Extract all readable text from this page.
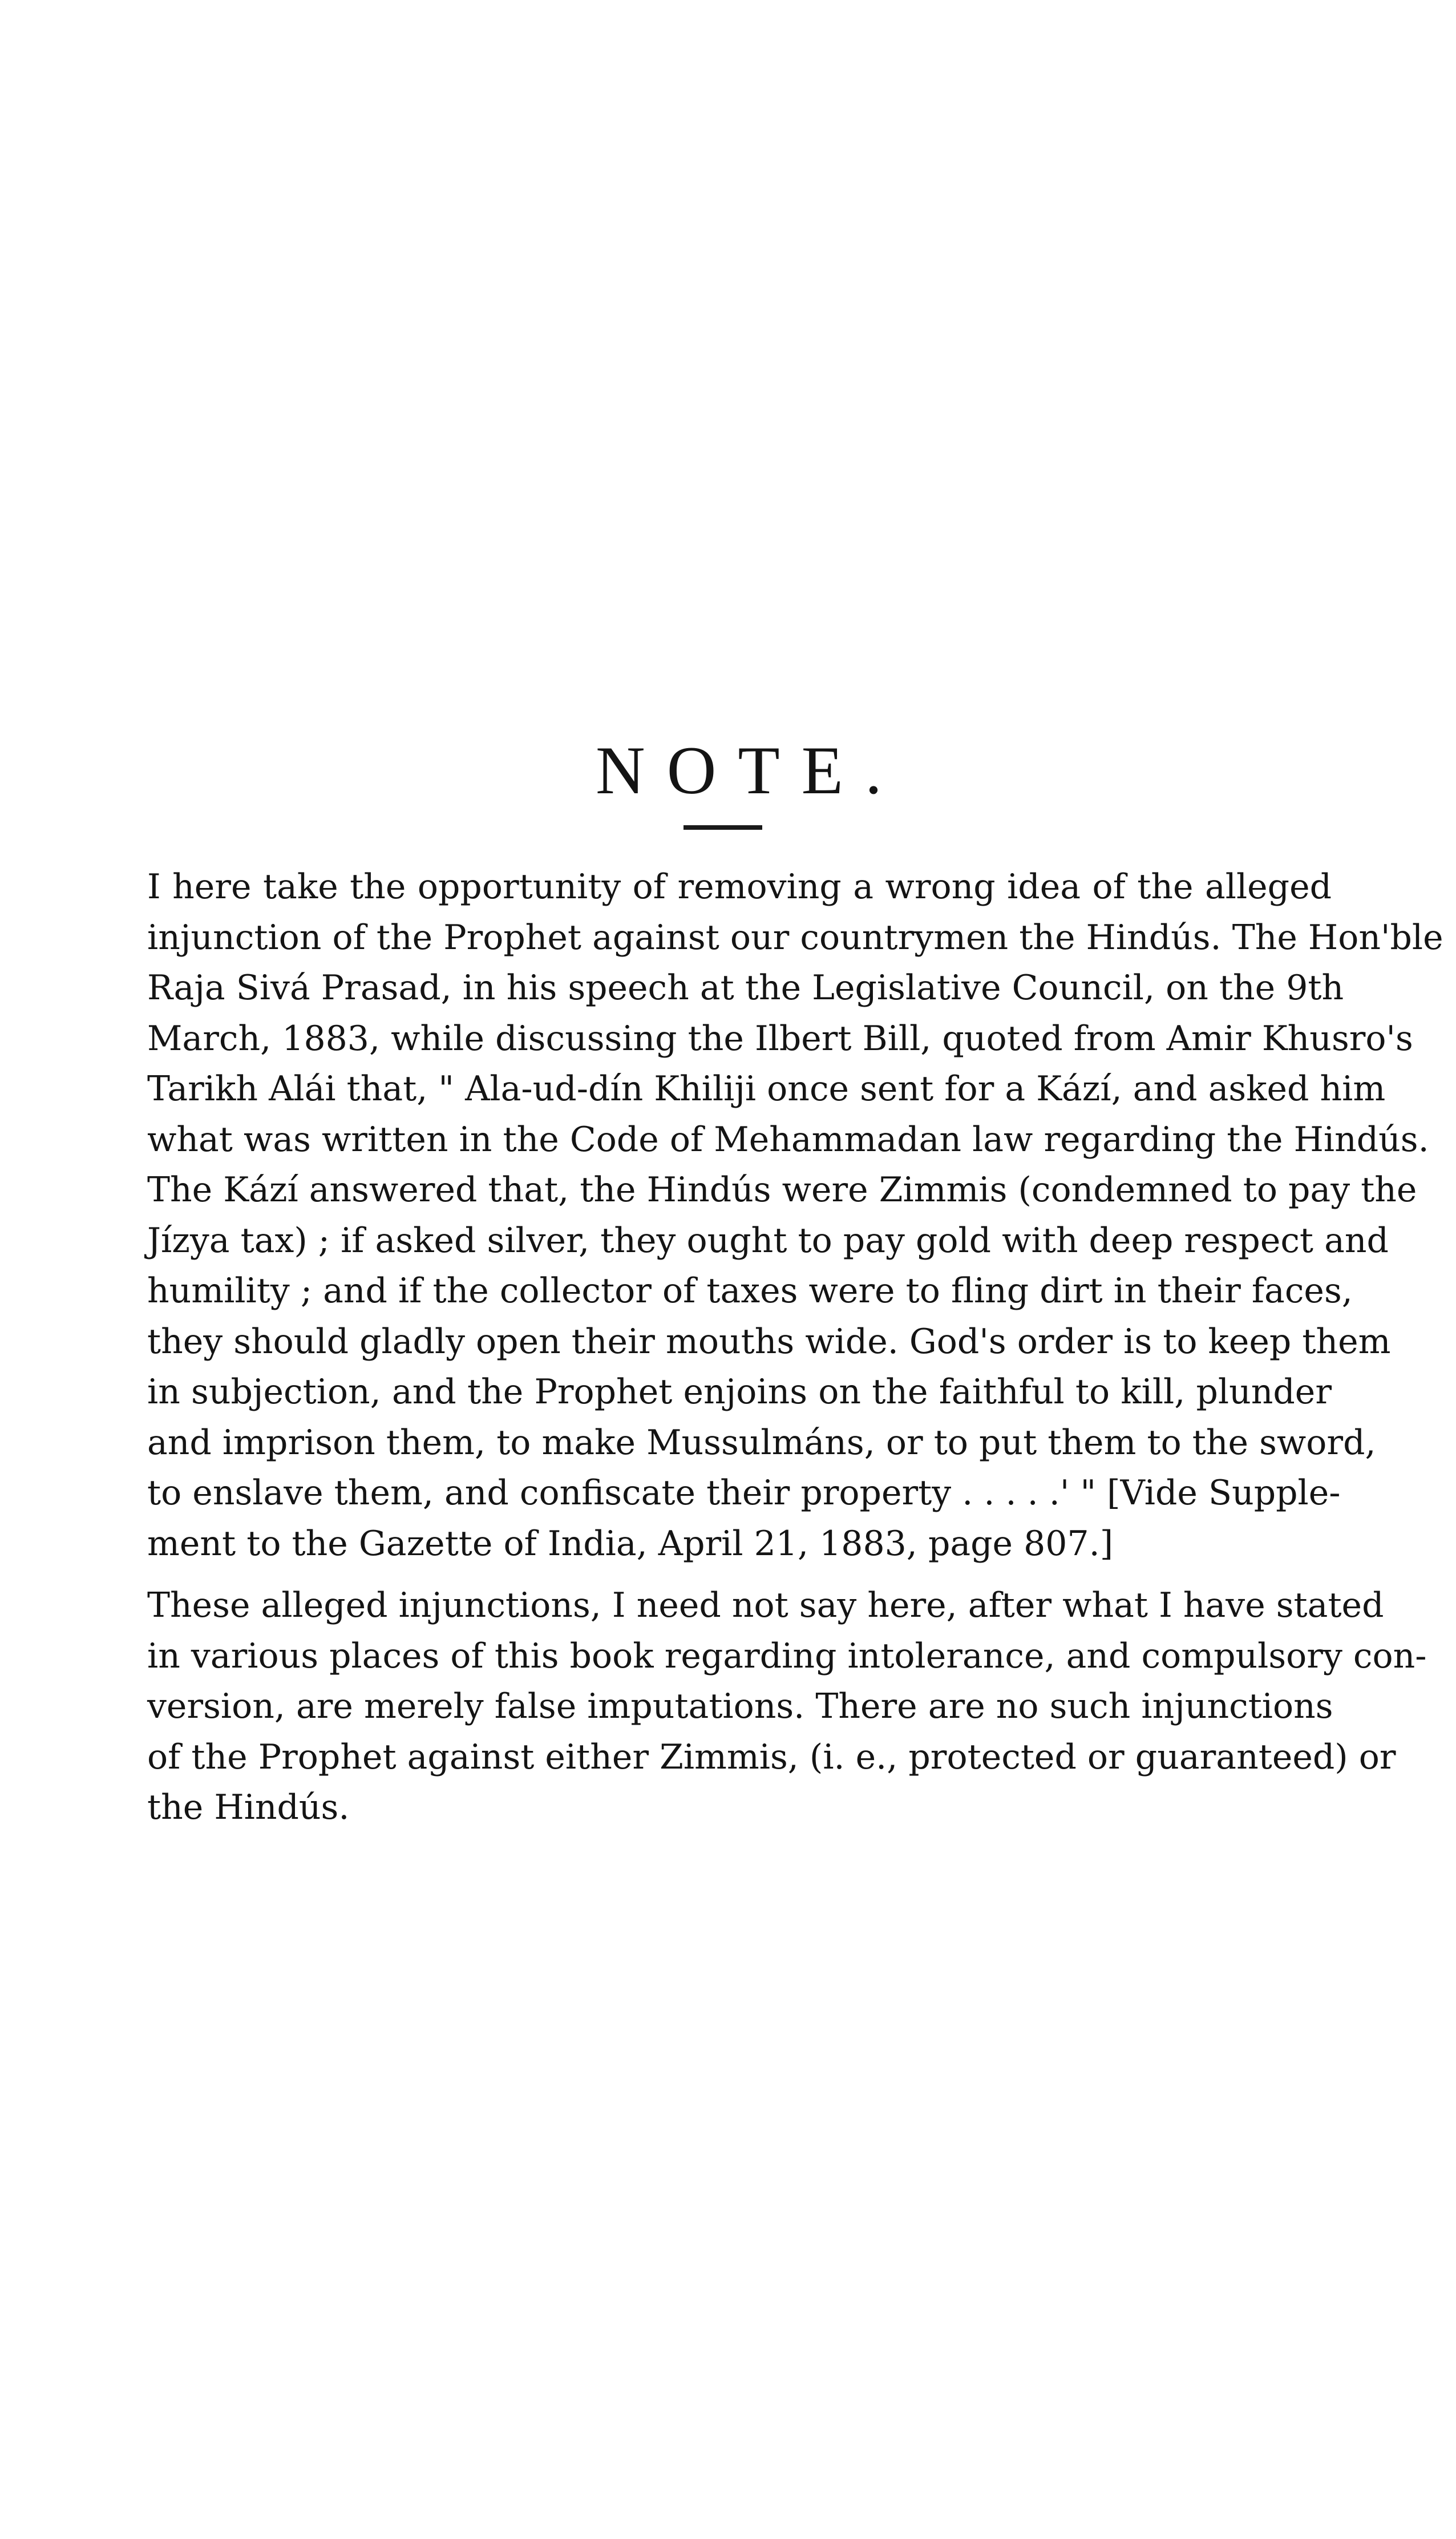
NOTE.
I here take the opportunity of removing a wrong idea of the alleged
injunction of the Prophet against our countrymen the Hindús. The Hon'ble
Raja Sivá Prasad, in his speech at the Legislative Council, on the 9th
March, 1883, while discussing the Ilbert Bill, quoted from Amir Khusro's
Tarikh Alái that, " Ala-ud-dín Khiliji once sent for a Kází, and asked him
what was written in the Code of Mehammadan law regarding the Hindús.
The Kází answered that, the Hindús were Zimmis (condemned to pay the
Jízya tax) ; if asked silver, they ought to pay gold with deep respect and
humility ; and if the collector of taxes were to fling dirt in their faces,
they should gladly open their mouths wide. God's order is to keep them
in subjection, and the Prophet enjoins on the faithful to kill, plunder
and imprison them, to make Mussulmáns, or to put them to the sword,
to enslave them, and confiscate their property . . . . .' " [Vide Supple-
ment to the Gazette of India, April 21, 1883, page 807.]
These alleged injunctions, I need not say here, after what I have stated
in various places of this book regarding intolerance, and compulsory con-
version, are merely false imputations. There are no such injunctions
of the Prophet against either Zimmis, (i. e., protected or guaranteed) or
the Hindús.
